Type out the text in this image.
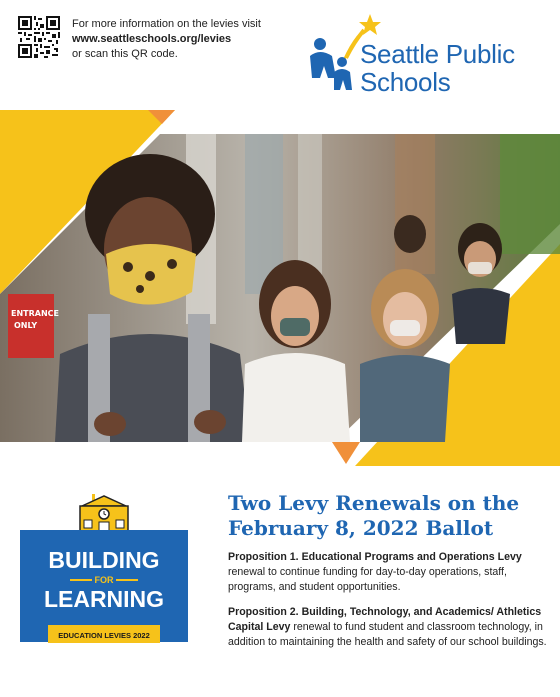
For more information on the levies visit
www.seattleschools.org/levies
or scan this QR code.	Seattle Public
Schools
ENTRANCE
ONLY
BUILDING
FOR
LEARNING
EDUCATION LEVIES 2022
Two Levy Renewals on the
February 8, 2022 Ballot

Proposition 1. Educational Programs and Operations Levy renewal to continue funding for day-to-day operations, staff, programs, and student opportunities.

Proposition 2. Building, Technology, and Academics/ Athletics Capital Levy renewal to fund student and classroom technology, in addition to maintaining the health and safety of our school buildings.
